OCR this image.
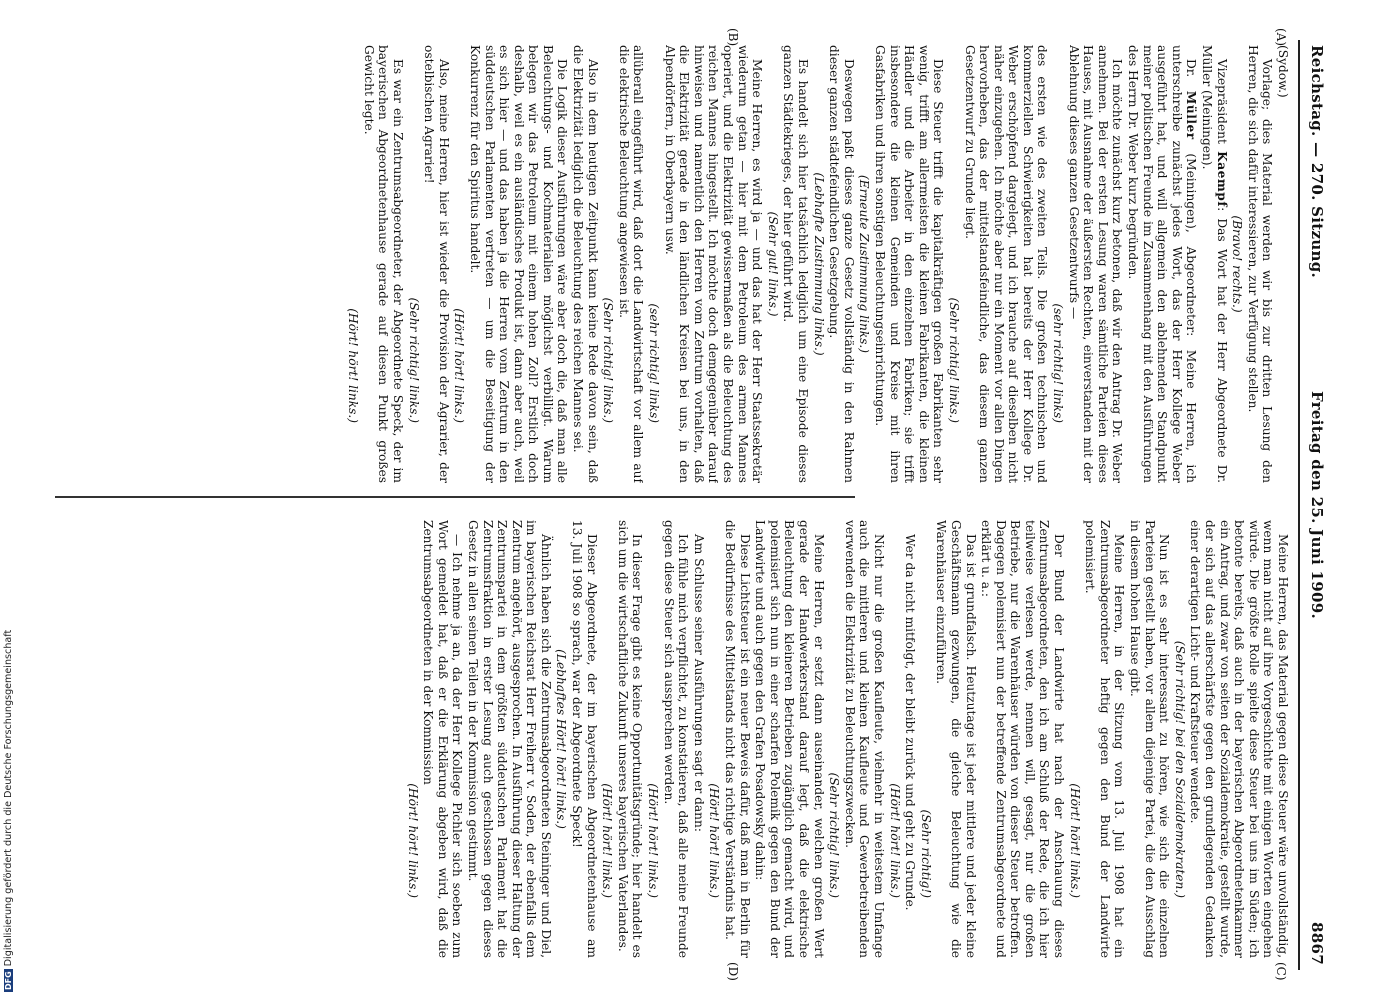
Reichstag. — 270. Sitzung.
Freitag den 25. Juni 1909.
8867
(A)
(B)
(C)
(D)

(Sydow.)

Vorlage; dies Material werden wir bis zur dritten Lesung den Herren, die sich dafür interessieren, zur Verfügung stellen.

(Bravo! rechts.)

Vizepräsident Kaempf: Das Wort hat der Herr Abgeordnete Dr. Müller (Meiningen).

Dr. Müller (Meiningen), Abgeordneter: Meine Herren, ich unterschreibe zunächst jedes Wort, das der Herr Kollege Weber ausgeführt hat, und will allgemein den ablehnenden Standpunkt meiner politischen Freunde im Zusammenhang mit den Ausführungen des Herrn Dr. Weber kurz begründen.

Ich möchte zunächst kurz betonen, daß wir den Antrag Dr. Weber annehmen. Bei der ersten Lesung waren sämtliche Parteien dieses Hauses, mit Ausnahme der äußersten Rechten, einverstanden mit der Ablehnung dieses ganzen Gesetzentwurfs —

(sehr richtig! links)

des ersten wie des zweiten Teils. Die großen technischen und kommerziellen Schwierigkeiten hat bereits der Herr Kollege Dr. Weber erschöpfend dargelegt, und ich brauche auf dieselben nicht näher einzugehen. Ich möchte aber nur ein Moment vor allen Dingen hervorheben, das der mittelstandsfeindliche, das diesem ganzen Gesetzentwurf zu Grunde liegt.

(Sehr richtig! links.)

Diese Steuer trifft die kapitalkräftigen großen Fabrikanten sehr wenig, trifft am allermeisten die kleinen Fabrikanten, die kleinen Händler und die Arbeiter in den einzelnen Fabriken; sie trifft insbesondere die kleinen Gemeinden und Kreise mit ihren Gasfabriken und ihren sonstigen Beleuchtungseinrichtungen.

(Erneute Zustimmung links.)

Deswegen paßt dieses ganze Gesetz vollständig in den Rahmen dieser ganzen städtefeindlichen Gesetzgebung.

(Lebhafte Zustimmung links.)

Es handelt sich hier tatsächlich lediglich um eine Episode dieses ganzen Städtekrieges, der hier geführt wird.

(Sehr gut! links.)

Meine Herren, es wird ja — und das hat der Herr Staatssekretär wiederum getan — hier mit dem Petroleum des armen Mannes operiert, und die Elektrizität gewissermaßen als die Beleuchtung des reichen Mannes hingestellt. Ich möchte doch demgegenüber darauf hinweisen und namentlich den Herren vom Zentrum vorhalten, daß die Elektrizität gerade in den ländlichen Kreisen bei uns, in den Alpendörfern, in Oberbayern usw.

(sehr richtig! links)

allüberall eingeführt wird, daß dort die Landwirtschaft vor allem auf die elektrische Beleuchtung angewiesen ist.

(Sehr richtig! links.)

Also in dem heutigen Zeitpunkt kann keine Rede davon sein, daß die Elektrizität lediglich die Beleuchtung des reichen Mannes sei.

Die Logik dieser Ausführungen wäre aber doch die, daß man alle Beleuchtungs- und Kochmaterialien möglichst verbilligt. Warum belegen wir das Petroleum mit einem hohen Zoll? Erstlich doch deshalb, weil es ein ausländisches Produkt ist, dann aber auch, weil es sich hier — und das haben ja die Herren vom Zentrum in den süddeutschen Parlamenten vertreten — um die Beseitigung der Konkurrenz für den Spiritus handelt.

(Hört! hört! links.)

Also, meine Herren, hier ist wieder die Provision der Agrarier, der ostelbischen Agrarier!

(Sehr richtig! links.)

Es war ein Zentrumsabgeordneter, der Abgeordnete Speck, der im bayerischen Abgeordnetenhause gerade auf diesen Punkt großes Gewicht legte.

(Hört! hört! links.)

Meine Herren, das Material gegen diese Steuer wäre unvollständig, wenn man nicht auf ihre Vorgeschichte mit einigen Worten eingehen würde. Die größte Rolle spielte diese Steuer bei uns im Süden; ich betonte bereits, daß auch in der bayerischen Abgeordnetenkammer ein Antrag, und zwar von seiten der Sozialdemokratie, gestellt wurde, der sich auf das allerschärfste gegen den grundlegenden Gedanken einer derartigen Licht- und Kraftsteuer wendete.

(Sehr richtig! bei den Sozialdemokraten.)

Nun ist es sehr interessant zu hören, wie sich die einzelnen Parteien gestellt haben, vor allem diejenige Partei, die den Ausschlag in diesem hohen Hause gibt.

Meine Herren, in der Sitzung vom 13. Juli 1908 hat ein Zentrumsabgeordneter heftig gegen den Bund der Landwirte polemisiert.

(Hört! hört! links.)

Der Bund der Landwirte hat nach der Anschauung dieses Zentrumsabgeordneten, den ich am Schluß der Rede, die ich hier teilweise verlesen werde, nennen will, gesagt, nur die großen Betriebe, nur die Warenhäuser würden von dieser Steuer betroffen. Dagegen polemisiert nun der betreffende Zentrumsabgeordnete und erklärt u. a.:

Das ist grundfalsch. Heutzutage ist jeder mittlere und jeder kleine Geschäftsmann gezwungen, die gleiche Beleuchtung wie die Warenhäuser einzuführen.

(Sehr richtig!)

Wer da nicht mitfolgt, der bleibt zurück und geht zu Grunde.

(Hört! hört! links.)

Nicht nur die großen Kaufleute, vielmehr in weitestem Umfange auch die mittleren und kleinen Kaufleute und Gewerbetreibenden verwenden die Elektrizität zu Beleuchtungszwecken.

(Sehr richtig! links.)

Meine Herren, er setzt dann auseinander, welchen großen Wert gerade der Handwerkerstand darauf legt, daß die elektrische Beleuchtung den kleineren Betrieben zugänglich gemacht wird, und polemisiert sich nun in einer scharfen Polemik gegen den Bund der Landwirte und auch gegen den Grafen Posadowsky dahin:

Diese Lichtsteuer ist ein neuer Beweis dafür, daß man in Berlin für die Bedürfnisse des Mittelstands nicht das richtige Verständnis hat.

(Hört! hört! links.)

Am Schlusse seiner Ausführungen sagt er dann:

Ich fühle mich verpflichtet, zu konstatieren, daß alle meine Freunde gegen diese Steuer sich aussprechen werden.

(Hört! hört! links.)

In dieser Frage gibt es keine Opportunitätsgründe; hier handelt es sich um die wirtschaftliche Zukunft unseres bayerischen Vaterlandes.

(Hört! hört! links.)

Dieser Abgeordnete, der im bayerischen Abgeordnetenhause am 13. Juli 1908 so sprach, war der Abgeordnete Speck!

(Lebhaftes Hört! hört! links.)

Ähnlich haben sich die Zentrumsabgeordneten Steininger und Diel, im bayerischen Reichsrat Herr Freiherr v. Soden, der ebenfalls dem Zentrum angehört, ausgesprochen. In Ausführung dieser Haltung der Zentrumspartei in dem größten süddeutschen Parlament hat die Zentrumsfraktion in erster Lesung auch geschlossen gegen dieses Gesetz in allen seinen Teilen in der Kommission gestimmt.

— Ich nehme ja an, da der Herr Kollege Pichler sich soeben zum Wort gemeldet hat, daß er die Erklärung abgeben wird, daß die Zentrumsabgeordneten in der Kommission

(Hört! hört! links.)
DFGDigitalisierung gefördert durch die Deutsche Forschungsgemeinschaft
